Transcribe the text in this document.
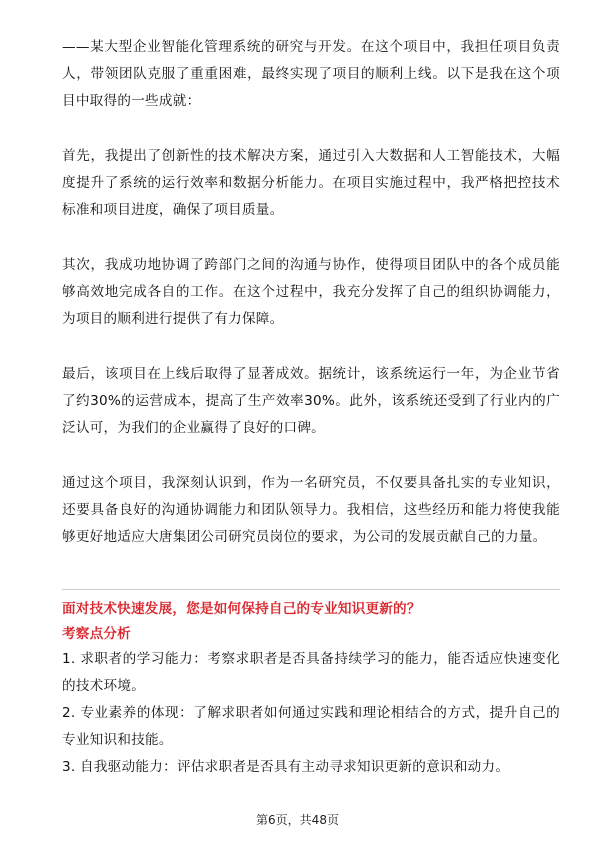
——某大型企业智能化管理系统的研究与开发。在这个项目中，我担任项目负责人，带领团队克服了重重困难，最终实现了项目的顺利上线。以下是我在这个项目中取得的一些成就：

首先，我提出了创新性的技术解决方案，通过引入大数据和人工智能技术，大幅度提升了系统的运行效率和数据分析能力。在项目实施过程中，我严格把控技术标准和项目进度，确保了项目质量。

其次，我成功地协调了跨部门之间的沟通与协作，使得项目团队中的各个成员能够高效地完成各自的工作。在这个过程中，我充分发挥了自己的组织协调能力，为项目的顺利进行提供了有力保障。

最后，该项目在上线后取得了显著成效。据统计，该系统运行一年，为企业节省了约30%的运营成本，提高了生产效率30%。此外，该系统还受到了行业内的广泛认可，为我们的企业赢得了良好的口碑。

通过这个项目，我深刻认识到，作为一名研究员，不仅要具备扎实的专业知识，还要具备良好的沟通协调能力和团队领导力。我相信，这些经历和能力将使我能够更好地适应大唐集团公司研究员岗位的要求，为公司的发展贡献自己的力量。

面对技术快速发展，您是如何保持自己的专业知识更新的？

考察点分析

1. 求职者的学习能力：考察求职者是否具备持续学习的能力，能否适应快速变化的技术环境。

2. 专业素养的体现：了解求职者如何通过实践和理论相结合的方式，提升自己的专业知识和技能。

3. 自我驱动能力：评估求职者是否具有主动寻求知识更新的意识和动力。

第6页，共48页
